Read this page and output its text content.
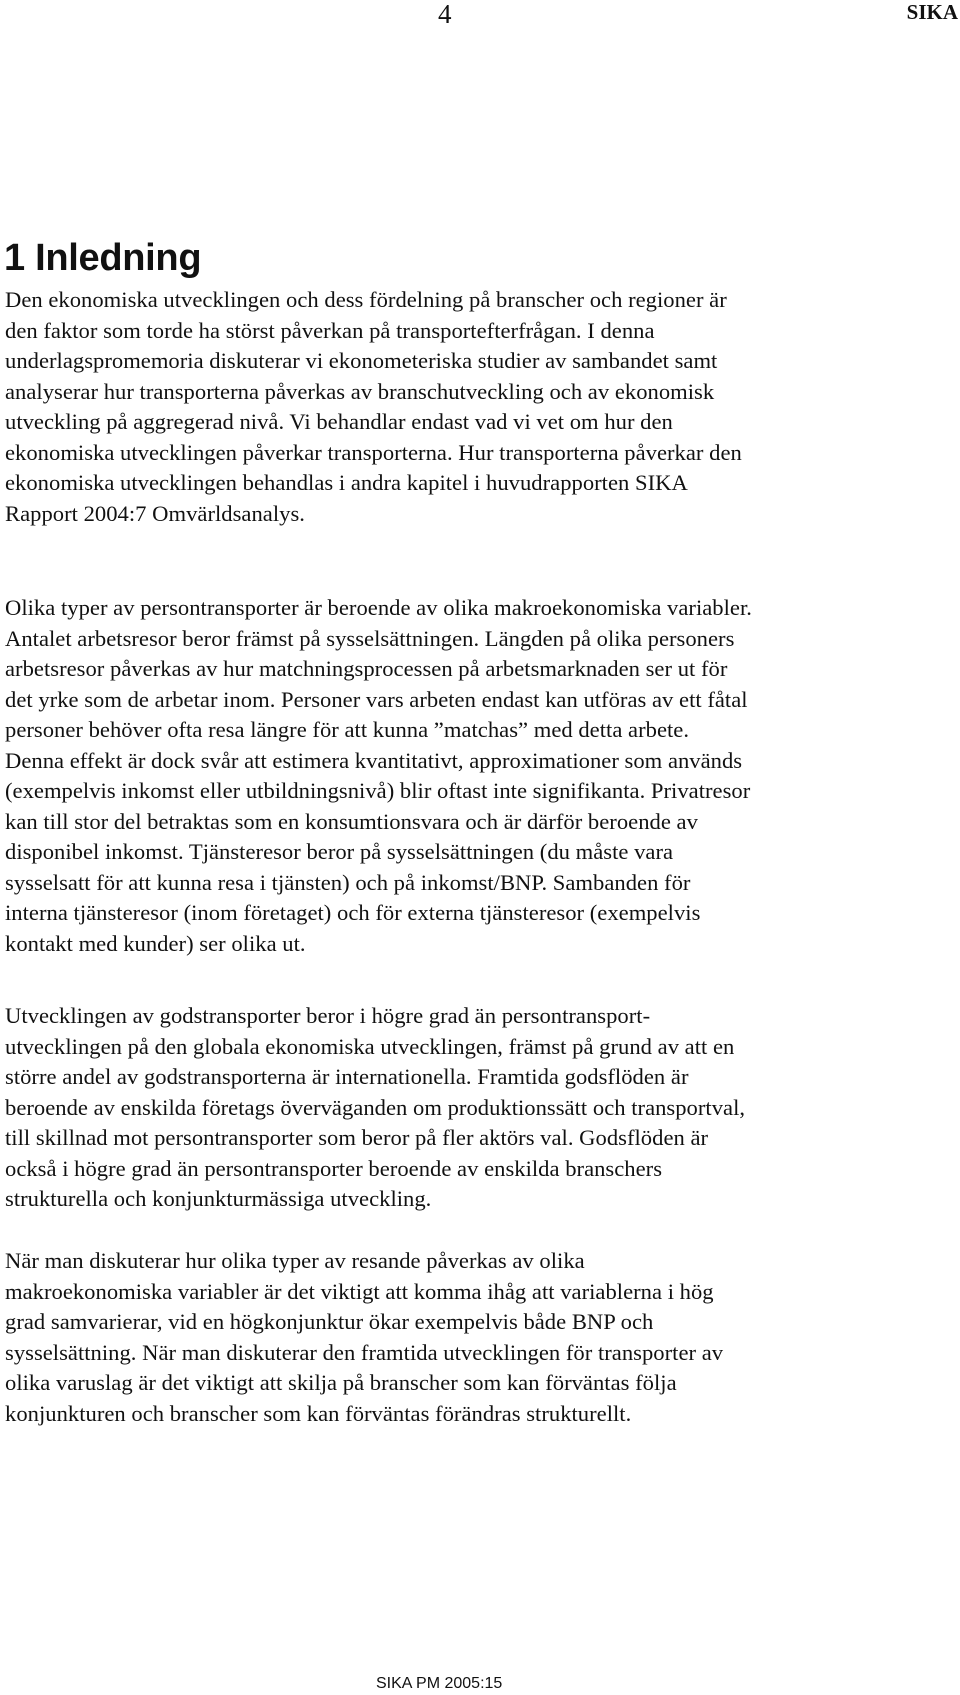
4	SIKA
1 Inledning
Den ekonomiska utvecklingen och dess fördelning på branscher och regioner är
den faktor som torde ha störst påverkan på transportefterfrågan. I denna
underlagspromemoria diskuterar vi ekonometeriska studier av sambandet samt
analyserar hur transporterna påverkas av branschutveckling och av ekonomisk
utveckling på aggregerad nivå. Vi behandlar endast vad vi vet om hur den
ekonomiska utvecklingen påverkar transporterna. Hur transporterna påverkar den
ekonomiska utvecklingen behandlas i andra kapitel i huvudrapporten SIKA
Rapport 2004:7 Omvärldsanalys.
Olika typer av persontransporter är beroende av olika makroekonomiska variabler.
Antalet arbetsresor beror främst på sysselsättningen. Längden på olika personers
arbetsresor påverkas av hur matchningsprocessen på arbetsmarknaden ser ut för
det yrke som de arbetar inom. Personer vars arbeten endast kan utföras av ett fåtal
personer behöver ofta resa längre för att kunna ”matchas” med detta arbete.
Denna effekt är dock svår att estimera kvantitativt, approximationer som används
(exempelvis inkomst eller utbildningsnivå) blir oftast inte signifikanta. Privatresor
kan till stor del betraktas som en konsumtionsvara och är därför beroende av
disponibel inkomst. Tjänsteresor beror på sysselsättningen (du måste vara
sysselsatt för att kunna resa i tjänsten) och på inkomst/BNP. Sambanden för
interna tjänsteresor (inom företaget) och för externa tjänsteresor (exempelvis
kontakt med kunder) ser olika ut.
Utvecklingen av godstransporter beror i högre grad än persontransport-
utvecklingen på den globala ekonomiska utvecklingen, främst på grund av att en
större andel av godstransporterna är internationella. Framtida godsflöden är
beroende av enskilda företags överväganden om produktionssätt och transportval,
till skillnad mot persontransporter som beror på fler aktörs val. Godsflöden är
också i högre grad än persontransporter beroende av enskilda branschers
strukturella och konjunkturmässiga utveckling.
När man diskuterar hur olika typer av resande påverkas av olika
makroekonomiska variabler är det viktigt att komma ihåg att variablerna i hög
grad samvarierar, vid en högkonjunktur ökar exempelvis både BNP och
sysselsättning. När man diskuterar den framtida utvecklingen för transporter av
olika varuslag är det viktigt att skilja på branscher som kan förväntas följa
konjunkturen och branscher som kan förväntas förändras strukturellt.
SIKA PM 2005:15
